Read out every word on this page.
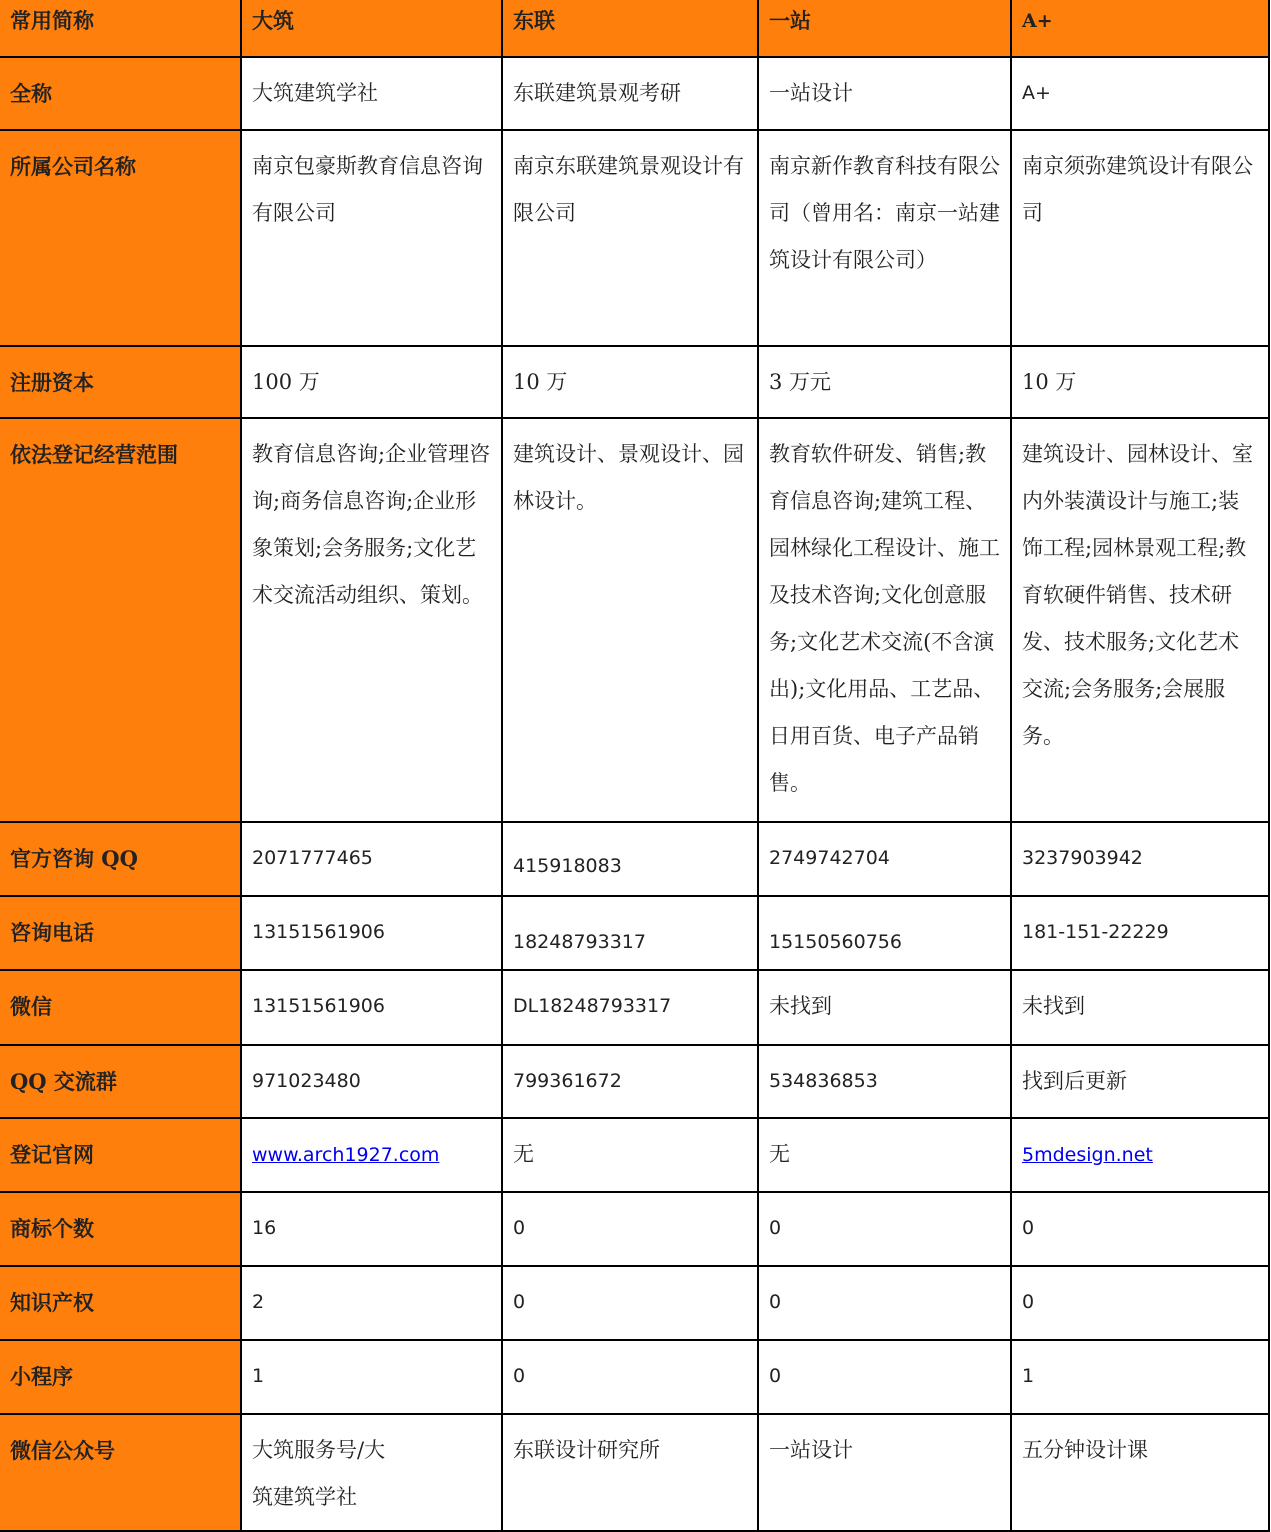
常用简称	大筑	东联	一站	A+

全称	大筑建筑学社	东联建筑景观考研	一站设计	A+

所属公司名称	南京包豪斯教育信息咨询有限公司	南京东联建筑景观设计有限公司	南京新作教育科技有限公司（曾用名：南京一站建筑设计有限公司）	南京须弥建筑设计有限公司

注册资本	100 万	10 万	3 万元	10 万

依法登记经营范围	教育信息咨询;企业管理咨询;商务信息咨询;企业形象策划;会务服务;文化艺术交流活动组织、策划。	建筑设计、景观设计、园林设计。	教育软件研发、销售;教育信息咨询;建筑工程、园林绿化工程设计、施工及技术咨询;文化创意服务;文化艺术交流(不含演出);文化用品、工艺品、日用百货、电子产品销售。	建筑设计、园林设计、室内外装潢设计与施工;装饰工程;园林景观工程;教育软硬件销售、技术研发、技术服务;文化艺术交流;会务服务;会展服务。

官方咨询 QQ	2071777465	415918083	2749742704	3237903942

咨询电话	13151561906	18248793317	15150560756	181-151-22229

微信	13151561906	DL18248793317	未找到	未找到

QQ 交流群	971023480	799361672	534836853	找到后更新

登记官网	www.arch1927.com	无	无	5mdesign.net

商标个数	16	0	0	0

知识产权	2	0	0	0

小程序	1	0	0	1

微信公众号	大筑服务号/大筑建筑学社	东联设计研究所	一站设计	五分钟设计课
